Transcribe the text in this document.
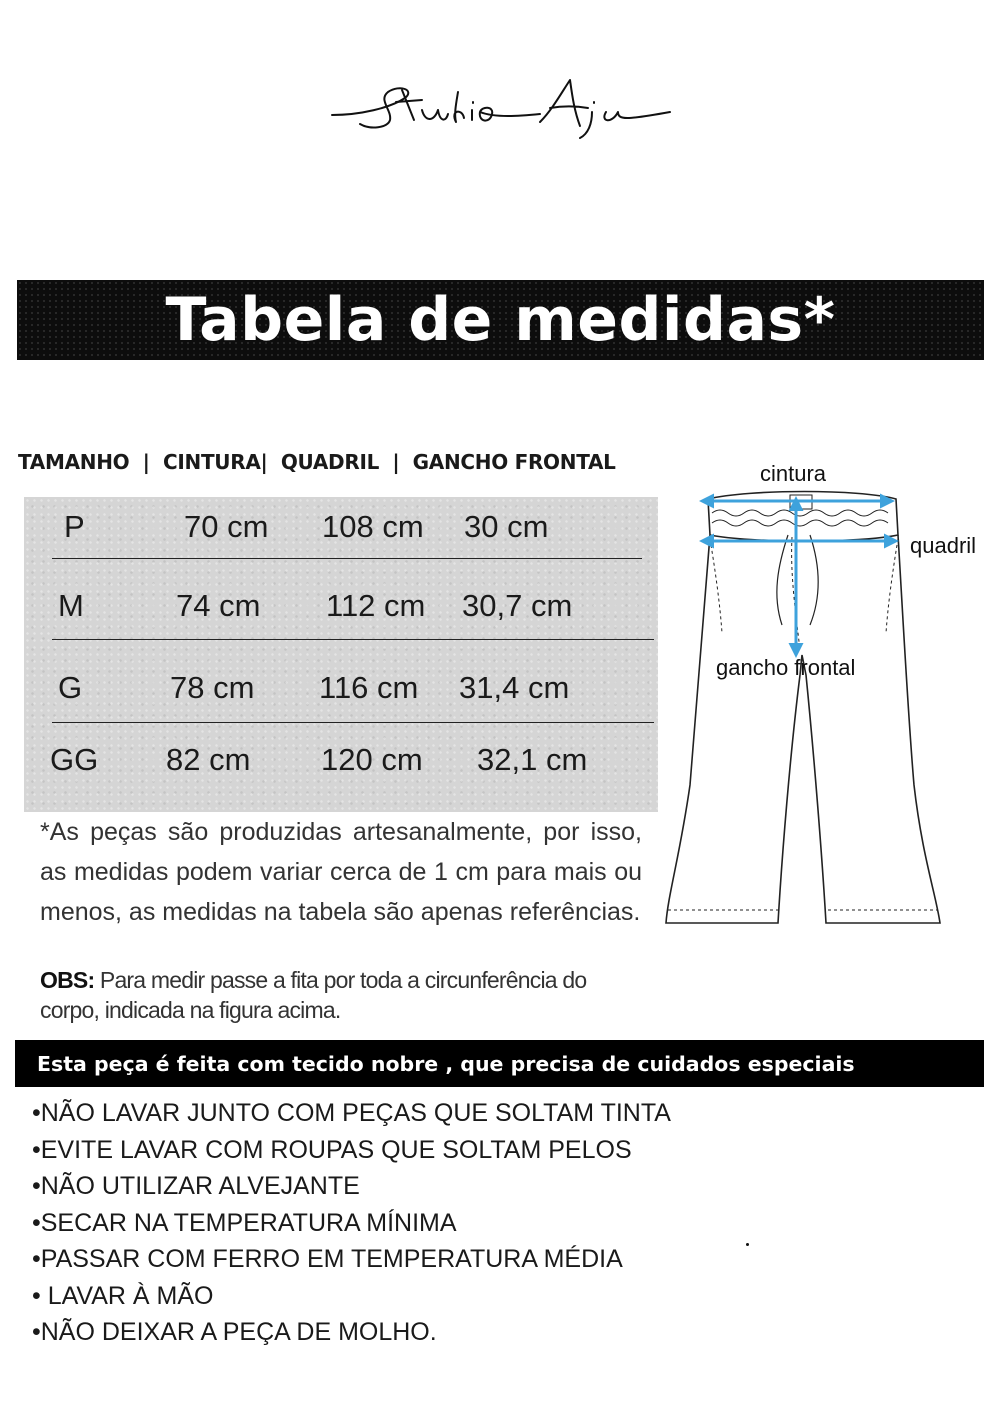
Tabela de medidas*
TAMANHO  |  CINTURA|  QUADRIL  |  GANCHO FRONTAL
P	70 cm 108 cm 30 cm
M	74 cm 112 cm 30,7 cm
G	78 cm 116 cm 31,4 cm
GG 82 cm 120 cm 32,1 cm
*As peças são produzidas artesanalmente, por isso, as medidas podem variar cerca de 1 cm para mais ou menos, as medidas na tabela são apenas referências.
OBS: Para medir passe a fita por toda a circunferência do corpo, indicada na figura acima.
cintura
quadril
gancho frontal
Esta peça é feita com tecido nobre , que precisa de cuidados especiais
•NÃO LAVAR JUNTO COM PEÇAS QUE SOLTAM TINTA
•EVITE LAVAR COM ROUPAS QUE SOLTAM PELOS
•NÃO UTILIZAR ALVEJANTE
•SECAR NA TEMPERATURA MÍNIMA
•PASSAR COM FERRO EM TEMPERATURA MÉDIA
• LAVAR À MÃO
•NÃO DEIXAR A PEÇA DE MOLHO.
